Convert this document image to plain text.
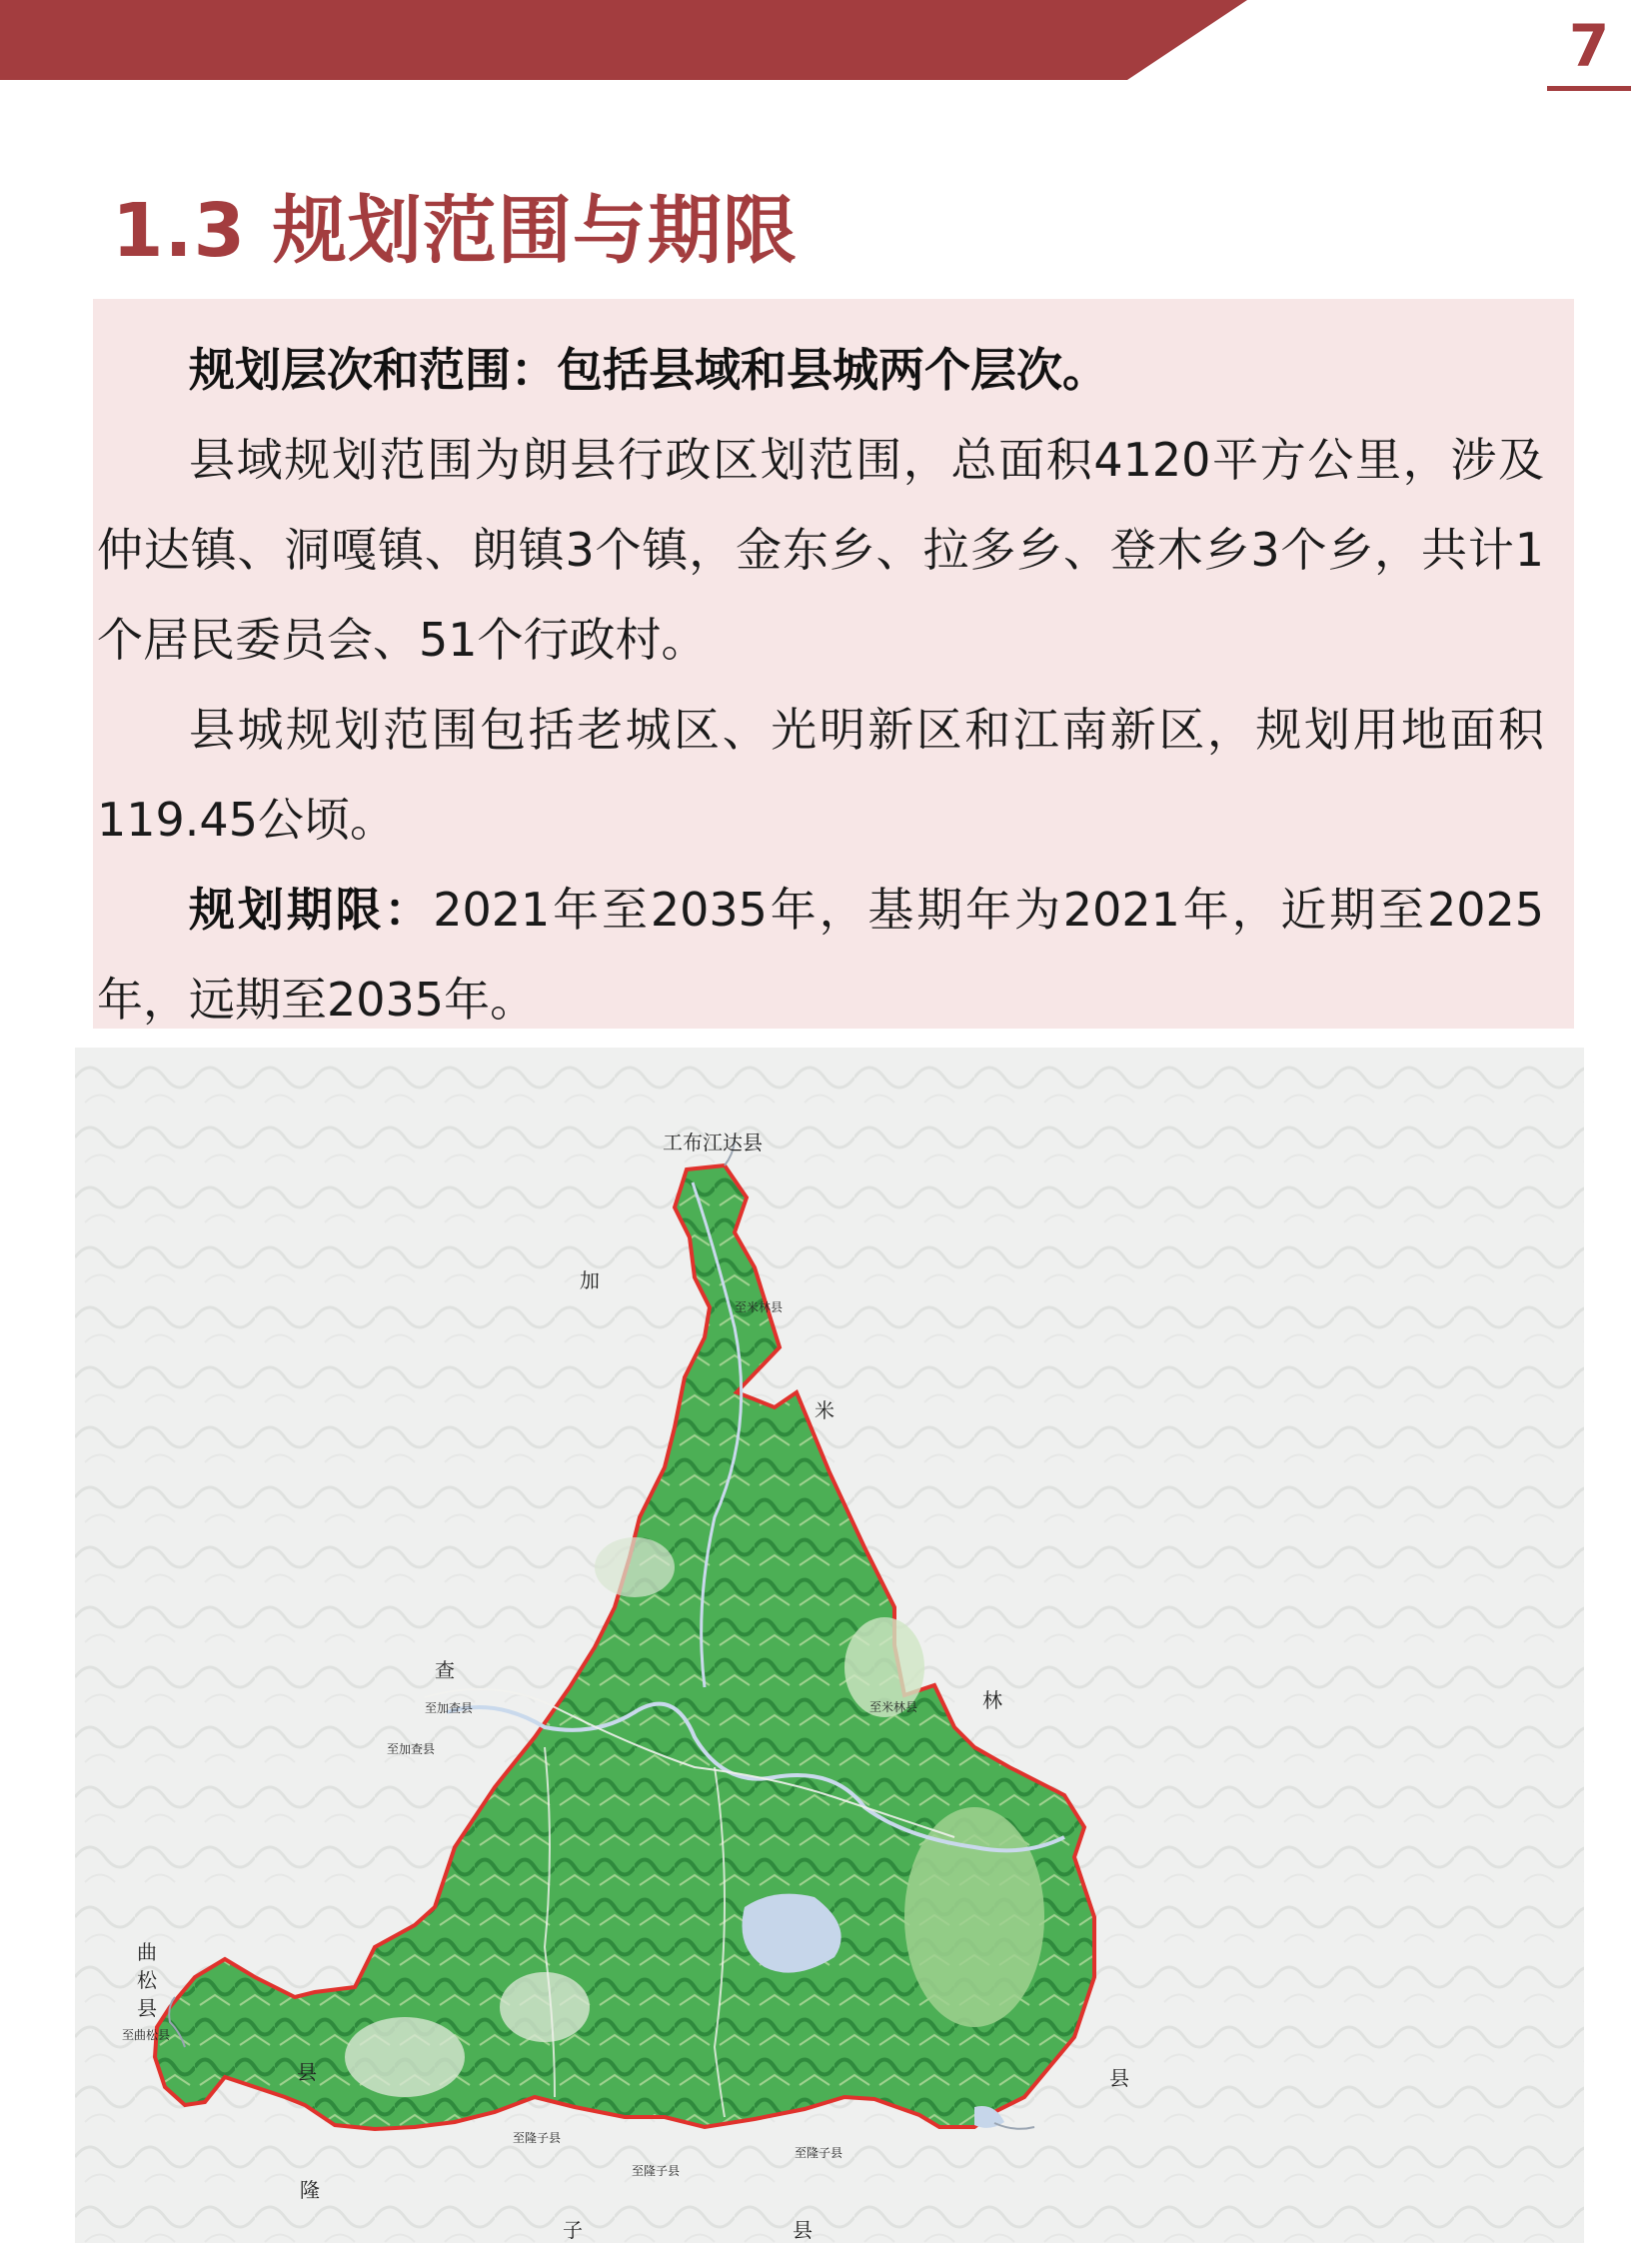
7
1.3 规划范围与期限

规划层次和范围：包括县域和县城两个层次。

县域规划范围为朗县行政区划范围，总面积4120平方公里，涉及仲达镇、洞嘎镇、朗镇3个镇，金东乡、拉多乡、登木乡3个乡，共计1个居民委员会、51个行政村。

县城规划范围包括老城区、光明新区和江南新区，规划用地面积119.45公顷。

规划期限：2021年至2035年，基期年为2021年，近期至2025年，远期至2035年。

工布江达县
加
查
县
米
林
县
曲
松
县
隆
子	县
至米林县
至加查县
至加查县
至米林县
至曲松县
至隆子县
至隆子县
至隆子县
